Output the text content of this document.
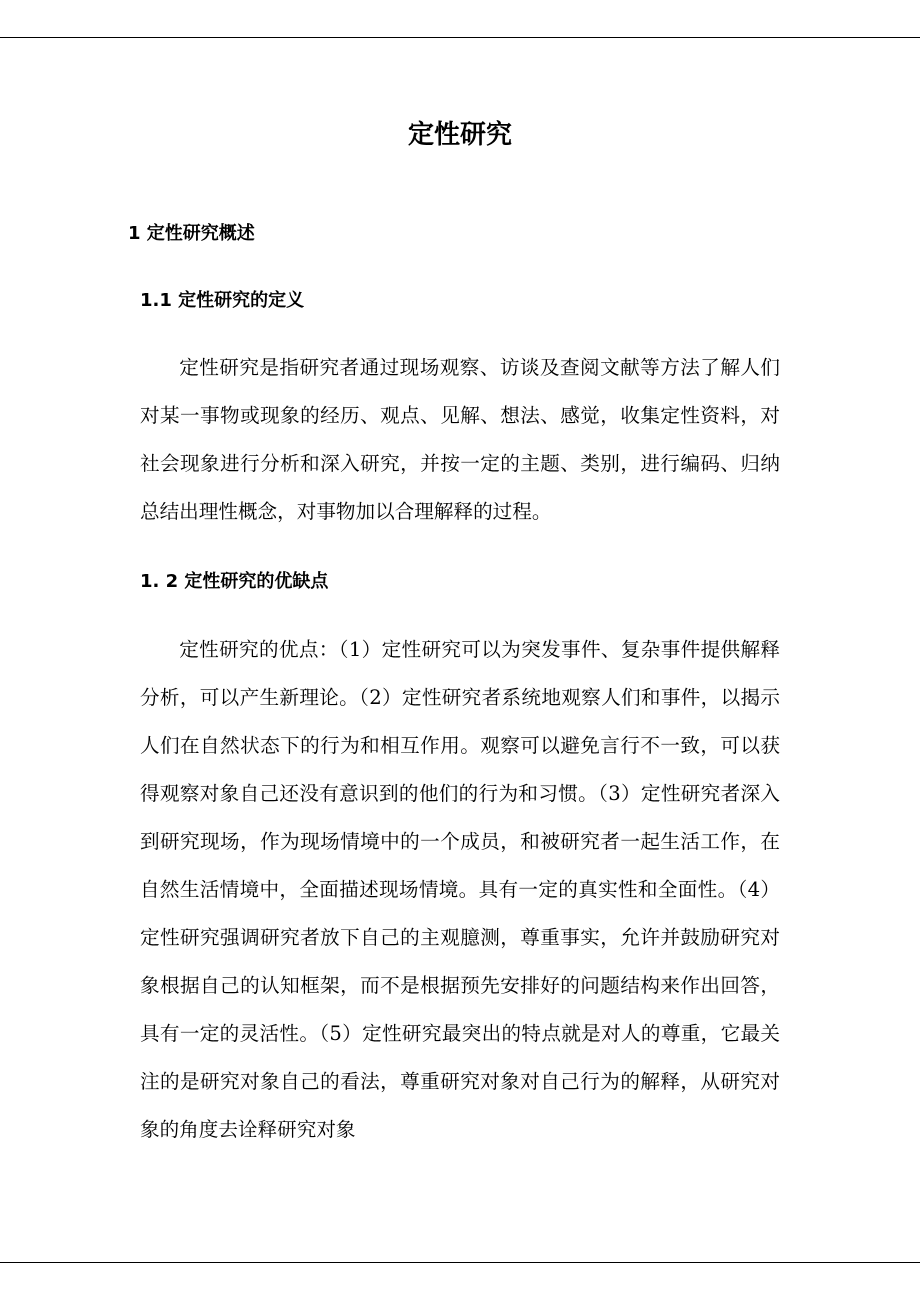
定性研究
1 定性研究概述
1.1 定性研究的定义

定性研究是指研究者通过现场观察、访谈及查阅文献等方法了解人们对某一事物或现象的经历、观点、见解、想法、感觉，收集定性资料，对社会现象进行分析和深入研究，并按一定的主题、类别，进行编码、归纳总结出理性概念，对事物加以合理解释的过程。

1. 2 定性研究的优缺点

定性研究的优点：（1）定性研究可以为突发事件、复杂事件提供解释分析，可以产生新理论。（2）定性研究者系统地观察人们和事件，以揭示人们在自然状态下的行为和相互作用。观察可以避免言行不一致，可以获得观察对象自己还没有意识到的他们的行为和习惯。（3）定性研究者深入到研究现场，作为现场情境中的一个成员，和被研究者一起生活工作，在自然生活情境中，全面描述现场情境。具有一定的真实性和全面性。（4）定性研究强调研究者放下自己的主观臆测，尊重事实，允许并鼓励研究对象根据自己的认知框架，而不是根据预先安排好的问题结构来作出回答，具有一定的灵活性。（5）定性研究最突出的特点就是对人的尊重，它最关注的是研究对象自己的看法，尊重研究对象对自己行为的解释，从研究对象的角度去诠释研究对象
